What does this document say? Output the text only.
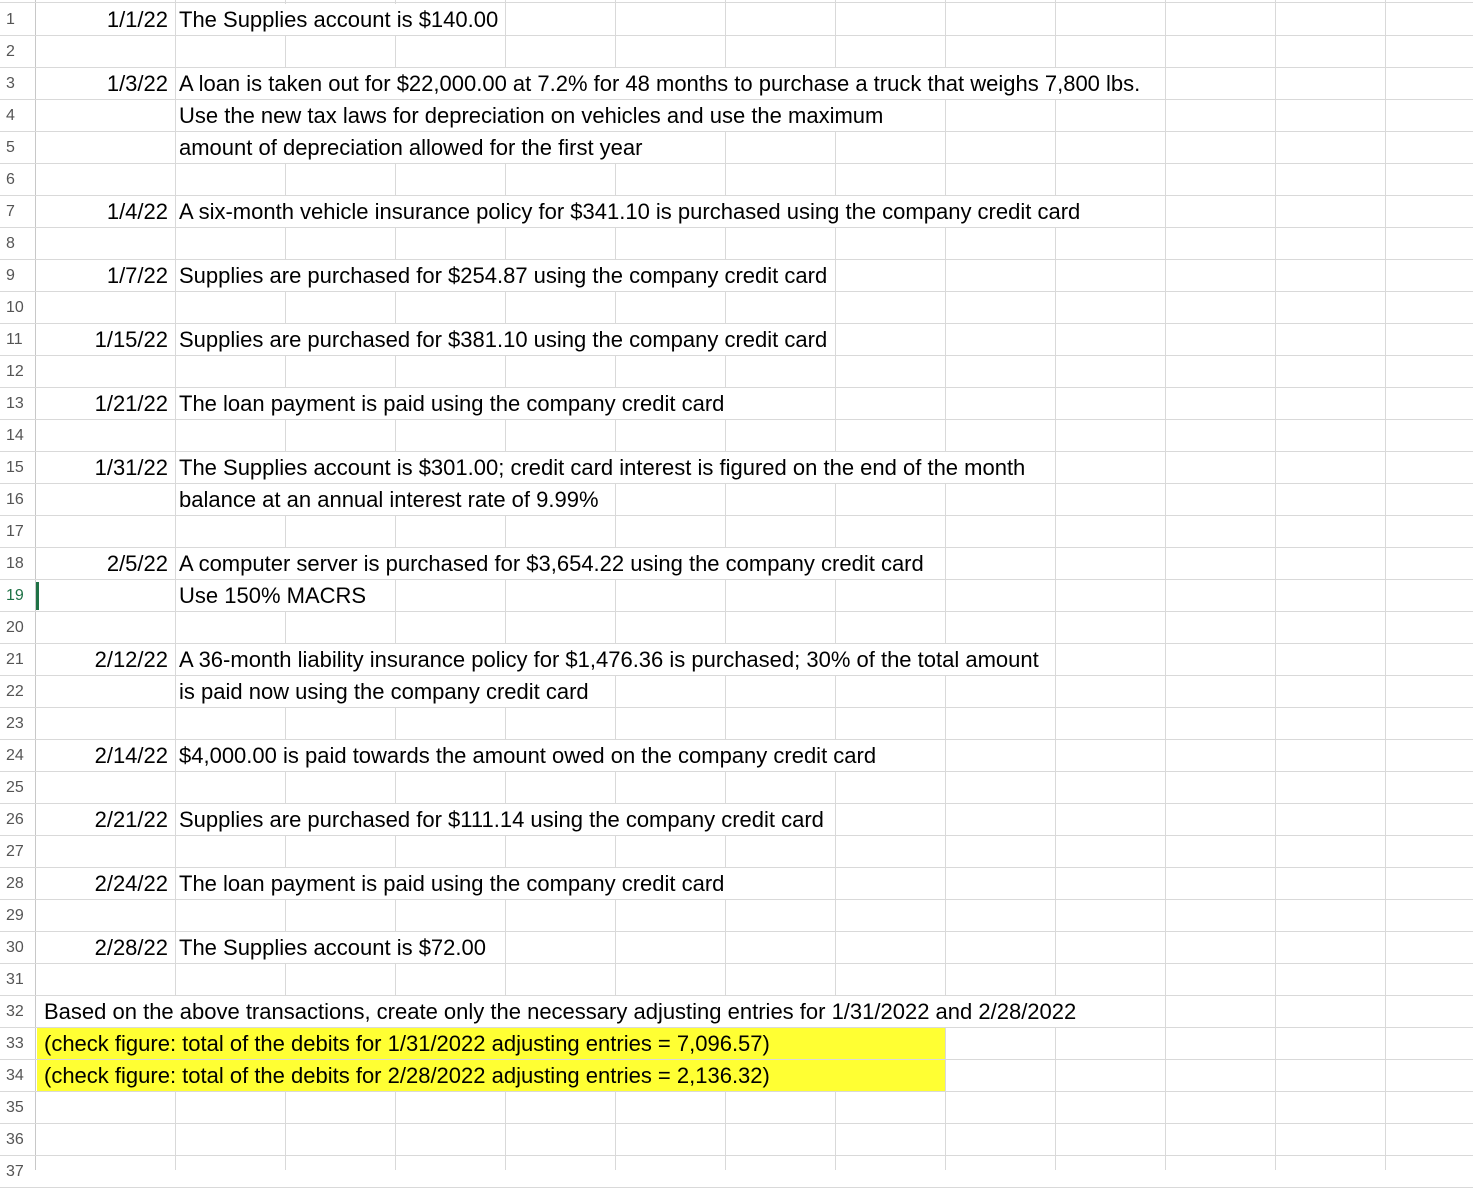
1	1/1/22 The Supplies account is $140.00
2
3	1/3/22 A loan is taken out for $22,000.00 at 7.2% for 48 months to purchase a truck that weighs 7,800 lbs.
4	Use the new tax laws for depreciation on vehicles and use the maximum
5	amount of depreciation allowed for the first year
6
7	1/4/22 A six-month vehicle insurance policy for $341.10 is purchased using the company credit card
8
9	1/7/22 Supplies are purchased for $254.87 using the company credit card
10
11	1/15/22 Supplies are purchased for $381.10 using the company credit card
12
13	1/21/22 The loan payment is paid using the company credit card
14
15	1/31/22 The Supplies account is $301.00; credit card interest is figured on the end of the month
16	balance at an annual interest rate of 9.99%
17
18	2/5/22 A computer server is purchased for $3,654.22 using the company credit card
19	Use 150% MACRS
20
21	2/12/22 A 36-month liability insurance policy for $1,476.36 is purchased; 30% of the total amount
22	is paid now using the company credit card
23
24	2/14/22 $4,000.00 is paid towards the amount owed on the company credit card
25
26	2/21/22 Supplies are purchased for $111.14 using the company credit card
27
28	2/24/22 The loan payment is paid using the company credit card
29
30	2/28/22 The Supplies account is $72.00
31
32 Based on the above transactions, create only the necessary adjusting entries for 1/31/2022 and 2/28/2022
33 (check figure: total of the debits for 1/31/2022 adjusting entries = 7,096.57)
34 (check figure: total of the debits for 2/28/2022 adjusting entries = 2,136.32)
35
36
37
